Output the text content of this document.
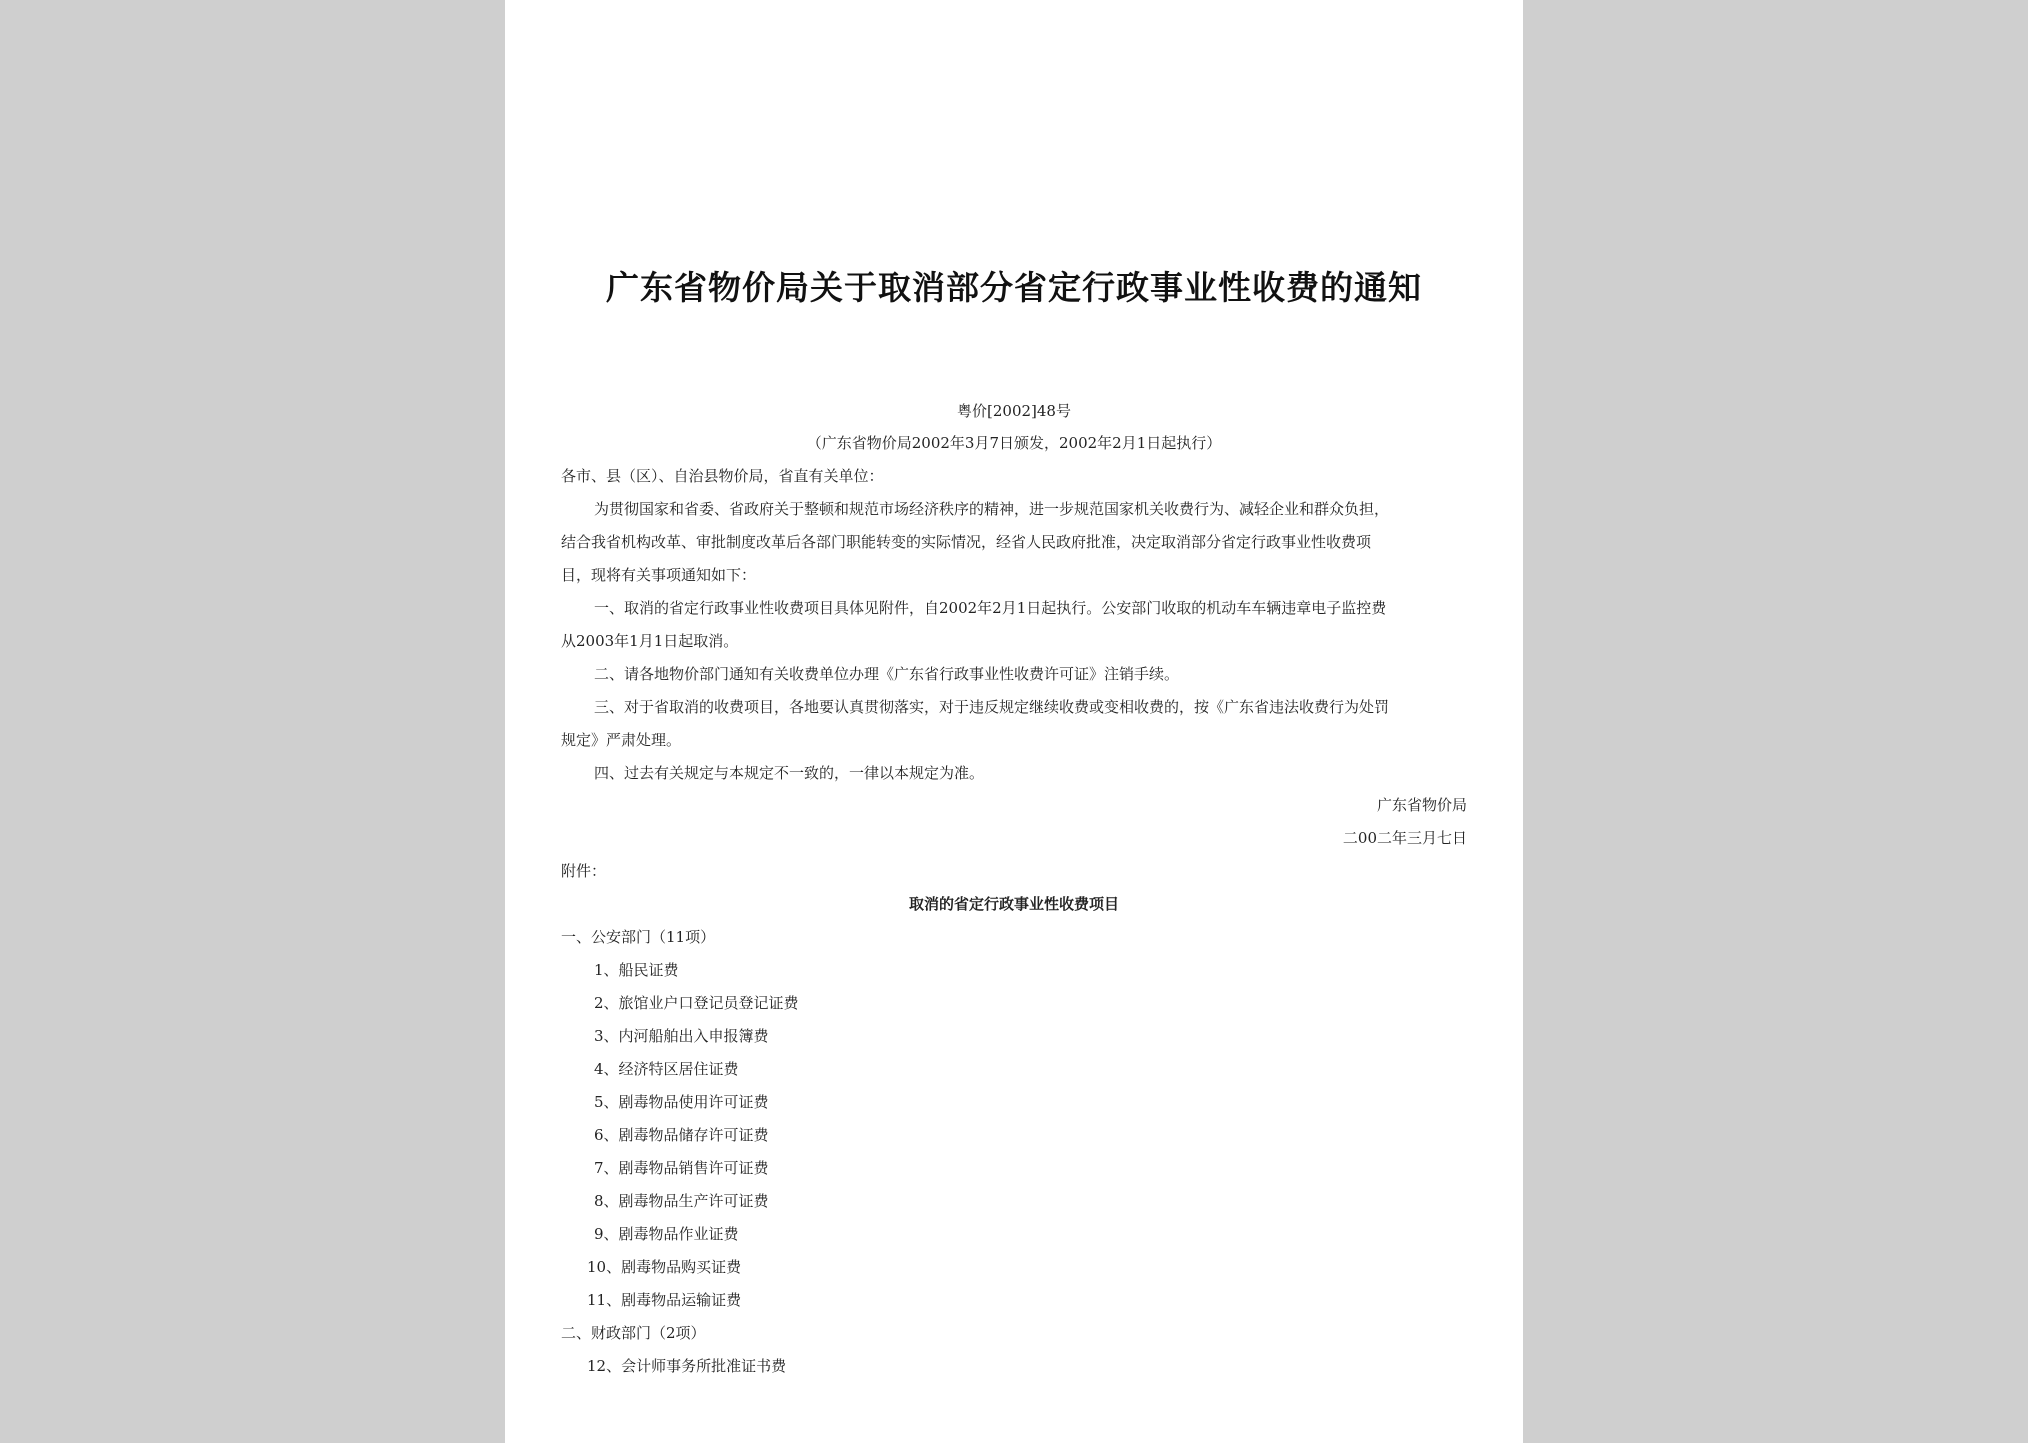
广东省物价局关于取消部分省定行政事业性收费的通知
粤价[2002]48号
（广东省物价局2002年3月7日颁发，2002年2月1日起执行）
各市、县（区）、自治县物价局，省直有关单位：
为贯彻国家和省委、省政府关于整顿和规范市场经济秩序的精神，进一步规范国家机关收费行为、减轻企业和群众负担，
结合我省机构改革、审批制度改革后各部门职能转变的实际情况，经省人民政府批准，决定取消部分省定行政事业性收费项
目，现将有关事项通知如下：
一、取消的省定行政事业性收费项目具体见附件，自2002年2月1日起执行。公安部门收取的机动车车辆违章电子监控费
从2003年1月1日起取消。
二、请各地物价部门通知有关收费单位办理《广东省行政事业性收费许可证》注销手续。
三、对于省取消的收费项目，各地要认真贯彻落实，对于违反规定继续收费或变相收费的，按《广东省违法收费行为处罚
规定》严肃处理。
四、过去有关规定与本规定不一致的，一律以本规定为准。
广东省物价局
二00二年三月七日
附件：
取消的省定行政事业性收费项目
一、公安部门（11项）
1、船民证费
2、旅馆业户口登记员登记证费
3、内河船舶出入申报簿费
4、经济特区居住证费
5、剧毒物品使用许可证费
6、剧毒物品储存许可证费
7、剧毒物品销售许可证费
8、剧毒物品生产许可证费
9、剧毒物品作业证费
10、剧毒物品购买证费
11、剧毒物品运输证费
二、财政部门（2项）
12、会计师事务所批准证书费
